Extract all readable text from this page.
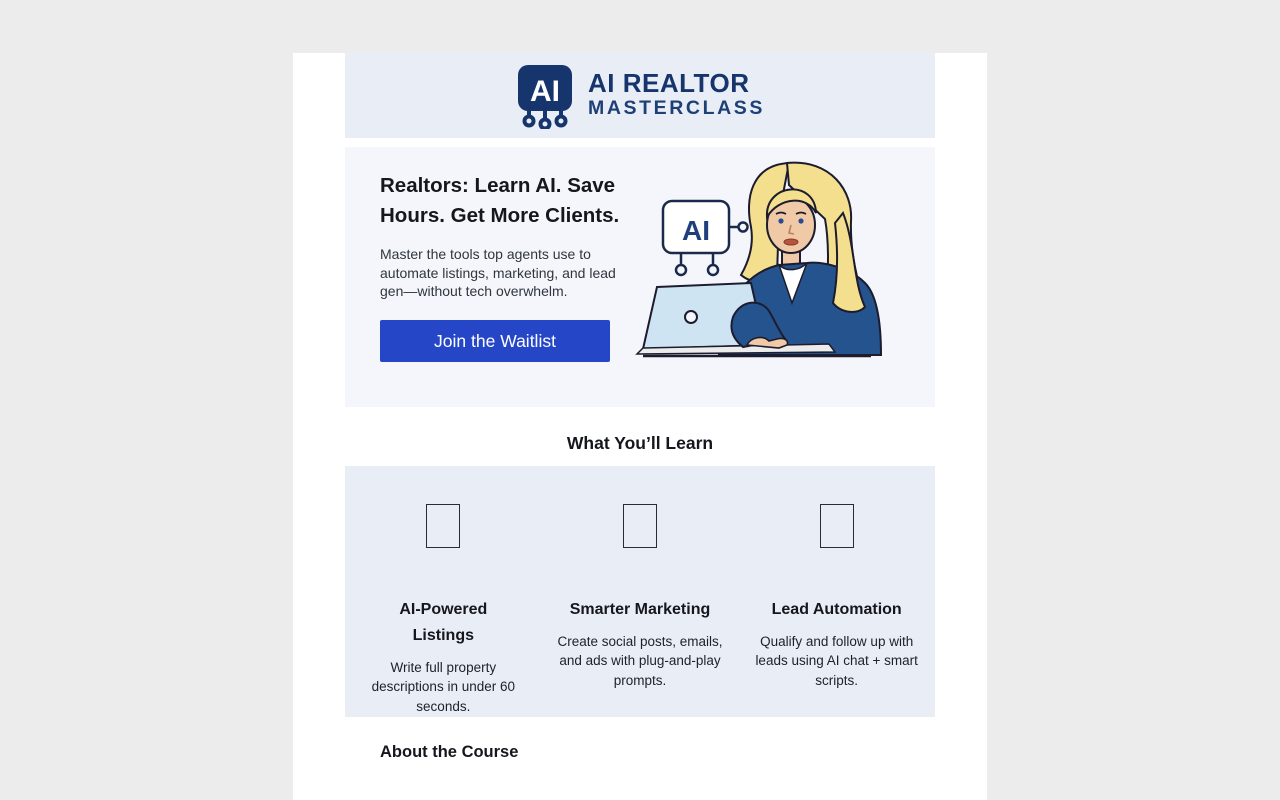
AI AI REALTOR
MASTERCLASS
Realtors: Learn AI. Save Hours. Get More Clients.
Master the tools top agents use to automate listings, marketing, and lead gen—without tech overwhelm.
Join the Waitlist
AI
What You’ll Learn
AI-Powered Listings
Write full property descriptions in under 60 seconds.
Smarter Marketing
Create social posts, emails, and ads with plug-and-play prompts.
Lead Automation
Qualify and follow up with leads using AI chat + smart scripts.
About the Course
